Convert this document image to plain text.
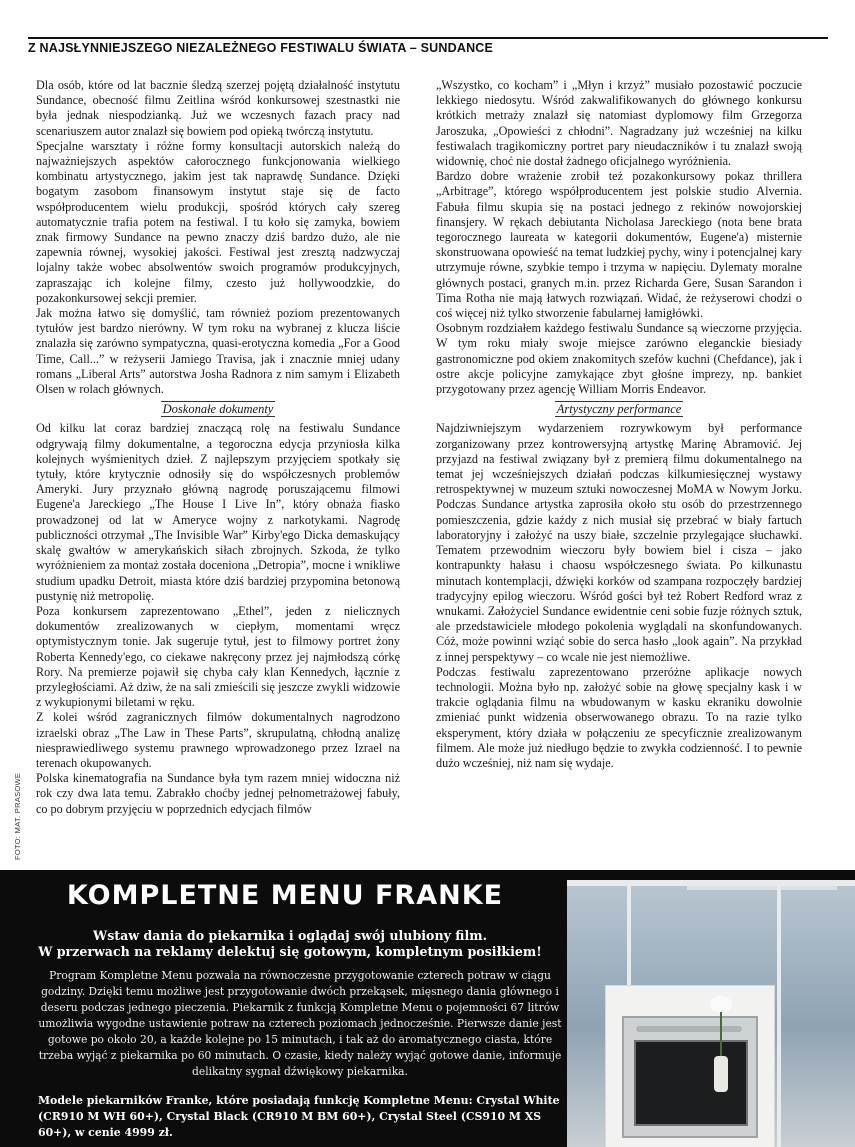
Z NAJSŁYNNIEJSZEGO NIEZALEŻNEGO FESTIWALU ŚWIATA – SUNDANCE
FOTO: MAT. PRASOWE

Dla osób, które od lat bacznie śledzą szerzej pojętą działalność instytutu Sundance, obecność filmu Zeitlina wśród konkursowej szestnastki nie była jednak niespodzianką. Już we wczesnych fazach pracy nad scenariuszem autor znalazł się bowiem pod opieką twórczą instytutu.

Specjalne warsztaty i różne formy konsultacji autorskich należą do najważniejszych aspektów całorocznego funkcjonowania wielkiego kombinatu artystycznego, jakim jest tak naprawdę Sundance. Dzięki bogatym zasobom finansowym instytut staje się de facto współproducentem wielu produkcji, spośród których cały szereg automatycznie trafia potem na festiwal. I tu koło się zamyka, bowiem znak firmowy Sundance na pewno znaczy dziś bardzo dużo, ale nie zapewnia równej, wysokiej jakości. Festiwal jest zresztą nadzwyczaj lojalny także wobec absolwentów swoich programów produkcyjnych, zapraszając ich kolejne filmy, czesto już hollywoodzkie, do pozakonkursowej sekcji premier.

Jak można łatwo się domyślić, tam również poziom prezentowanych tytułów jest bardzo nierówny. W tym roku na wybranej z klucza liście znalazła się zarówno sympatyczna, quasi-erotyczna komedia „For a Good Time, Call...” w reżyserii Jamiego Travisa, jak i znacznie mniej udany romans „Liberal Arts” autorstwa Josha Radnora z nim samym i Elizabeth Olsen w rolach głównych.

Doskonałe dokumenty

Od kilku lat coraz bardziej znaczącą rolę na festiwalu Sundance odgrywają filmy dokumentalne, a tegoroczna edycja przyniosła kilka kolejnych wyśmienitych dzieł. Z najlepszym przyjęciem spotkały się tytuły, które krytycznie odnosiły się do współczesnych problemów Ameryki. Jury przyznało główną nagrodę poruszającemu filmowi Eugene'a Jareckiego „The House I Live In”, który obnaża fiasko prowadzonej od lat w Ameryce wojny z narkotykami. Nagrodę publiczności otrzymał „The Invisible War” Kirby'ego Dicka demaskujący skalę gwałtów w amerykańskich siłach zbrojnych. Szkoda, że tylko wyróżnieniem za montaż została doceniona „Detropia”, mocne i wnikliwe studium upadku Detroit, miasta które dziś bardziej przypomina betonową pustynię niż metropolię.

Poza konkursem zaprezentowano „Ethel”, jeden z nielicznych dokumentów zrealizowanych w ciepłym, momentami wręcz optymistycznym tonie. Jak sugeruje tytuł, jest to filmowy portret żony Roberta Kennedy'ego, co ciekawe nakręcony przez jej najmłodszą córkę Rory. Na premierze pojawił się chyba cały klan Kennedych, łącznie z przyległościami. Aż dziw, że na sali zmieścili się jeszcze zwykli widzowie z wykupionymi biletami w ręku.

Z kolei wśród zagranicznych filmów dokumentalnych nagrodzono izraelski obraz „The Law in These Parts”, skrupulatną, chłodną analizę niesprawiedliwego systemu prawnego wprowadzonego przez Izrael na terenach okupowanych.

Polska kinematografia na Sundance była tym razem mniej widoczna niż rok czy dwa lata temu. Zabrakło choćby jednej pełnometrażowej fabuły, co po dobrym przyjęciu w poprzednich edycjach filmów

„Wszystko, co kocham” i „Młyn i krzyż” musiało pozostawić poczucie lekkiego niedosytu. Wśród zakwalifikowanych do głównego konkursu krótkich metraży znalazł się natomiast dyplomowy film Grzegorza Jaroszuka, „Opowieści z chłodni”. Nagradzany już wcześniej na kilku festiwalach tragikomiczny portret pary nieudaczników i tu znalazł swoją widownię, choć nie dostał żadnego oficjalnego wyróżnienia.

Bardzo dobre wrażenie zrobił też pozakonkursowy pokaz thrillera „Arbitrage”, którego współproducentem jest polskie studio Alvernia. Fabuła filmu skupia się na postaci jednego z rekinów nowojorskiej finansjery. W rękach debiutanta Nicholasa Jareckiego (nota bene brata tegorocznego laureata w kategorii dokumentów, Eugene'a) misternie skonstruowana opowieść na temat ludzkiej pychy, winy i potencjalnej kary utrzymuje równe, szybkie tempo i trzyma w napięciu. Dylematy moralne głównych postaci, granych m.in. przez Richarda Gere, Susan Sarandon i Tima Rotha nie mają łatwych rozwiązań. Widać, że reżyserowi chodzi o coś więcej niż tylko stworzenie fabularnej łamigłówki.

Osobnym rozdziałem każdego festiwalu Sundance są wieczorne przyjęcia. W tym roku miały swoje miejsce zarówno eleganckie biesiady gastronomiczne pod okiem znakomitych szefów kuchni (Chefdance), jak i ostre akcje policyjne zamykające zbyt głośne imprezy, np. bankiet przygotowany przez agencję William Morris Endeavor.

Artystyczny performance

Najdziwniejszym wydarzeniem rozrywkowym był performance zorganizowany przez kontrowersyjną artystkę Marinę Abramović. Jej przyjazd na festiwal związany był z premierą filmu dokumentalnego na temat jej wcześniejszych działań podczas kilkumiesięcznej wystawy retrospektywnej w muzeum sztuki nowoczesnej MoMA w Nowym Jorku. Podczas Sundance artystka zaprosiła około stu osób do przestrzennego pomieszczenia, gdzie każdy z nich musiał się przebrać w biały fartuch laboratoryjny i założyć na uszy białe, szczelnie przylegające słuchawki. Tematem przewodnim wieczoru były bowiem biel i cisza – jako kontrapunkty hałasu i chaosu współczesnego świata. Po kilkunastu minutach kontemplacji, dźwięki korków od szampana rozpoczęły bardziej tradycyjny epilog wieczoru. Wśród gości był też Robert Redford wraz z wnukami. Założyciel Sundance ewidentnie ceni sobie fuzje różnych sztuk, ale przedstawiciele młodego pokolenia wyglądali na skonfundowanych. Cóż, może powinni wziąć sobie do serca hasło „look again”. Na przykład z innej perspektywy – co wcale nie jest niemożliwe.

Podczas festiwalu zaprezentowano przeróżne aplikacje nowych technologii. Można było np. założyć sobie na głowę specjalny kask i w trakcie oglądania filmu na wbudowanym w kasku ekraniku dowolnie zmieniać punkt widzenia obserwowanego obrazu. To na razie tylko eksperyment, który działa w połączeniu ze specyficznie zrealizowanym filmem. Ale może już niedługo będzie to zwykła codzienność. I to pewnie dużo wcześniej, niż nam się wydaje.

KOMPLETNE MENU FRANKE
Wstaw dania do piekarnika i oglądaj swój ulubiony film.
W przerwach na reklamy delektuj się gotowym, kompletnym posiłkiem!
Program Kompletne Menu pozwala na równoczesne przygotowanie czterech potraw w ciągu godziny. Dzięki temu możliwe jest przygotowanie dwóch przekąsek, mięsnego dania głównego i deseru podczas jednego pieczenia. Piekarnik z funkcją Kompletne Menu o pojemności 67 litrów umożliwia wygodne ustawienie potraw na czterech poziomach jednocześnie. Pierwsze danie jest gotowe po około 20, a każde kolejne po 15 minutach, i tak aż do aromatycznego ciasta, które trzeba wyjąć z piekarnika po 60 minutach. O czasie, kiedy należy wyjąć gotowe danie, informuje delikatny sygnał dźwiękowy piekarnika.
Modele piekarników Franke, które posiadają funkcję Kompletne Menu: Crystal White (CR910 M WH 60+), Crystal Black (CR910 M BM 60+), Crystal Steel (CS910 M XS 60+), w cenie 4999 zł.
